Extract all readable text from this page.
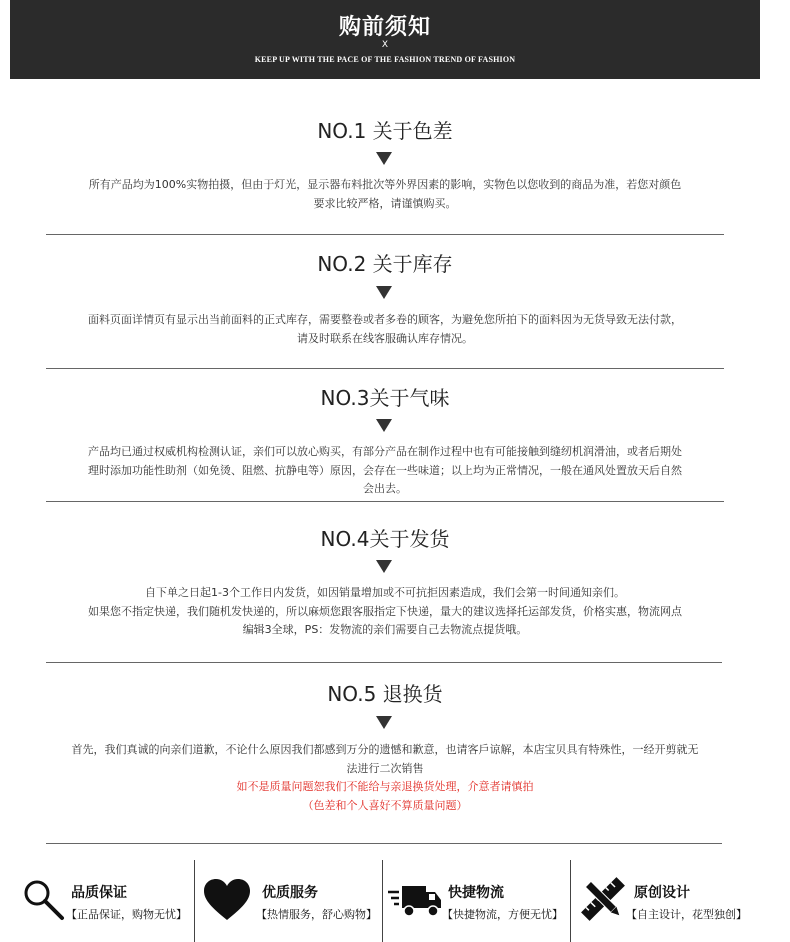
购前须知
X
KEEP UP WITH THE PACE OF THE FASHION TREND OF FASHION
NO.1 关于色差

所有产品均为100%实物拍摄，但由于灯光，显示器布料批次等外界因素的影响，实物色以您收到的商品为准，若您对颜色

要求比较严格，请谨慎购买。

NO.2 关于库存

面料页面详情页有显示出当前面料的正式库存，需要整卷或者多卷的顾客，为避免您所拍下的面料因为无货导致无法付款，

请及时联系在线客服确认库存情况。

NO.3关于气味

产品均已通过权威机构检测认证，亲们可以放心购买，有部分产品在制作过程中也有可能接触到缝纫机润滑油，或者后期处

理时添加功能性助剂（如免烫、阻燃、抗静电等）原因，会存在一些味道；以上均为正常情况，一般在通风处置放天后自然

会出去。

NO.4关于发货

自下单之日起1-3个工作日内发货，如因销量增加或不可抗拒因素造成，我们会第一时间通知亲们。

如果您不指定快递，我们随机发快递的，所以麻烦您跟客服指定下快递，量大的建议选择托运部发货，价格实惠，物流网点

编辑3全球，PS：发物流的亲们需要自己去物流点提货哦。

NO.5 退换货

首先，我们真诚的向亲们道歉，不论什么原因我们都感到万分的遗憾和歉意，也请客戶谅解，本店宝贝具有特殊性，一经开剪就无

法进行二次销售

如不是质量问题恕我们不能给与亲退换货处理，介意者请慎拍

（色差和个人喜好不算质量问题）

品质保证
【正品保证，购物无忧】
优质服务
【热情服务，舒心购物】
快捷物流
【快捷物流，方便无忧】
原创设计
【自主设计，花型独创】
